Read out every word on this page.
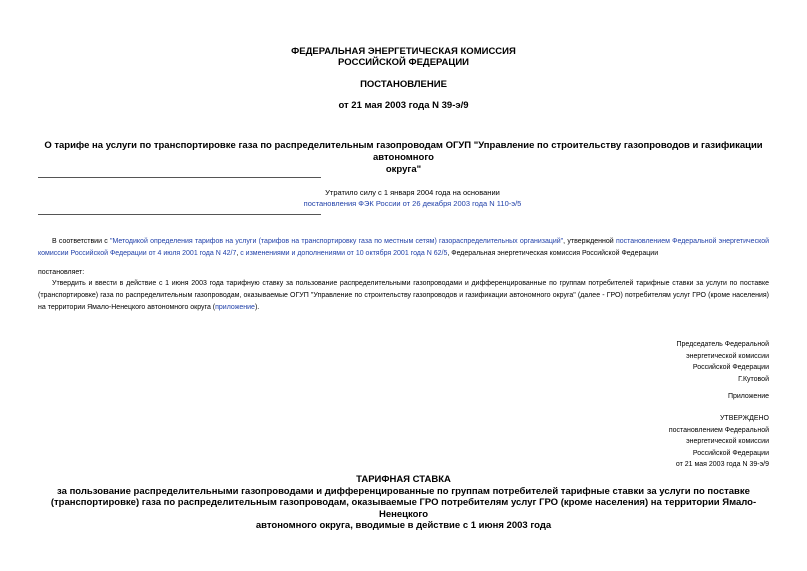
ФЕДЕРАЛЬНАЯ ЭНЕРГЕТИЧЕСКАЯ КОМИССИЯ
РОССИЙСКОЙ ФЕДЕРАЦИИ
ПОСТАНОВЛЕНИЕ
от 21 мая 2003 года N 39-э/9
О тарифе на услуги по транспортировке газа по распределительным газопроводам ОГУП "Управление по строительству газопроводов и газификации автономного
округа"
Утратило силу с 1 января 2004 года на основании
постановления ФЭК России от 26 декабря 2003 года N 110-э/5
В соответствии с "Методикой определения тарифов на услуги (тарифов на транспортировку газа по местным сетям) газораспределительных организаций", утвержденной постановлением Федеральной энергетической комиссии Российской Федерации от 4 июля 2001 года N 42/7, с изменениями и дополнениями от 10 октября 2001 года N 62/5, Федеральная энергетическая комиссия Российской Федерации
постановляет:
Утвердить и ввести в действие с 1 июня 2003 года тарифную ставку за пользование распределительными газопроводами и дифференцированные по группам потребителей тарифные ставки за услуги по поставке (транспортировке) газа по распределительным газопроводам, оказываемые ОГУП "Управление по строительству газопроводов и газификации автономного округа" (далее - ГРО) потребителям услуг ГРО (кроме населения) на территории Ямало-Ненецкого автономного округа (приложение).
Председатель Федеральной
энергетической комиссии
Российской Федерации
Г.Кутовой
Приложение
УТВЕРЖДЕНО
постановлением Федеральной
энергетической комиссии
Российской Федерации
от 21 мая 2003 года N 39-э/9
ТАРИФНАЯ СТАВКА
за пользование распределительными газопроводами и дифференцированные по группам потребителей тарифные ставки за услуги по поставке
(транспортировке) газа по распределительным газопроводам, оказываемые ГРО потребителям услуг ГРО (кроме населения) на территории Ямало-Ненецкого
автономного округа, вводимые в действие с 1 июня 2003 года
